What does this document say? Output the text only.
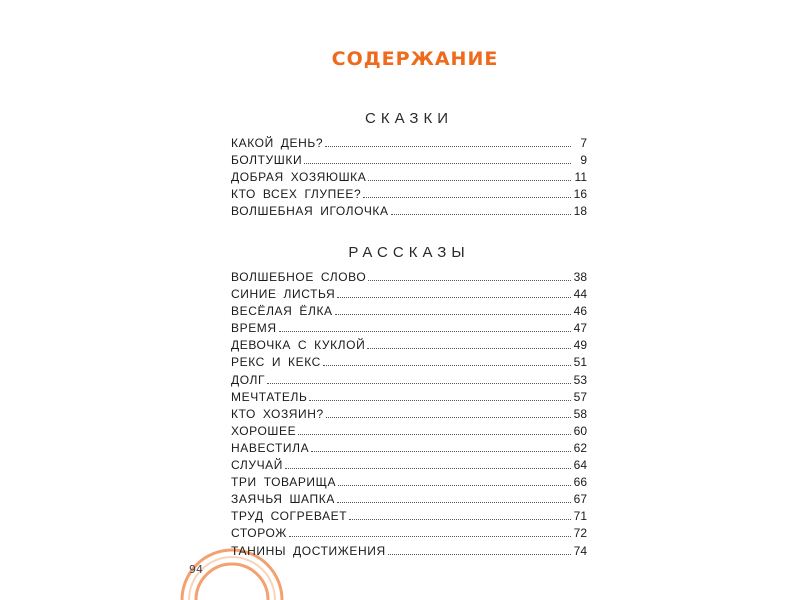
СОДЕРЖАНИЕ
СКАЗКИ
КАКОЙ ДЕНЬ?	7
БОЛТУШКИ	9
ДОБРАЯ ХОЗЯЮШКА	11
КТО ВСЕХ ГЛУПЕЕ?	16
ВОЛШЕБНАЯ ИГОЛОЧКА	18
РАССКАЗЫ
ВОЛШЕБНОЕ СЛОВО	38
СИНИЕ ЛИСТЬЯ	44
ВЕСЁЛАЯ ЁЛКА	46
ВРЕМЯ	47
ДЕВОЧКА С КУКЛОЙ	49
РЕКС И КЕКС	51
ДОЛГ	53
МЕЧТАТЕЛЬ	57
КТО ХОЗЯИН?	58
ХОРОШЕЕ	60
НАВЕСТИЛА	62
СЛУЧАЙ	64
ТРИ ТОВАРИЩА	66
ЗАЯЧЬЯ ШАПКА	67
ТРУД СОГРЕВАЕТ	71
СТОРОЖ	72
ТАНИНЫ ДОСТИЖЕНИЯ	74
94
